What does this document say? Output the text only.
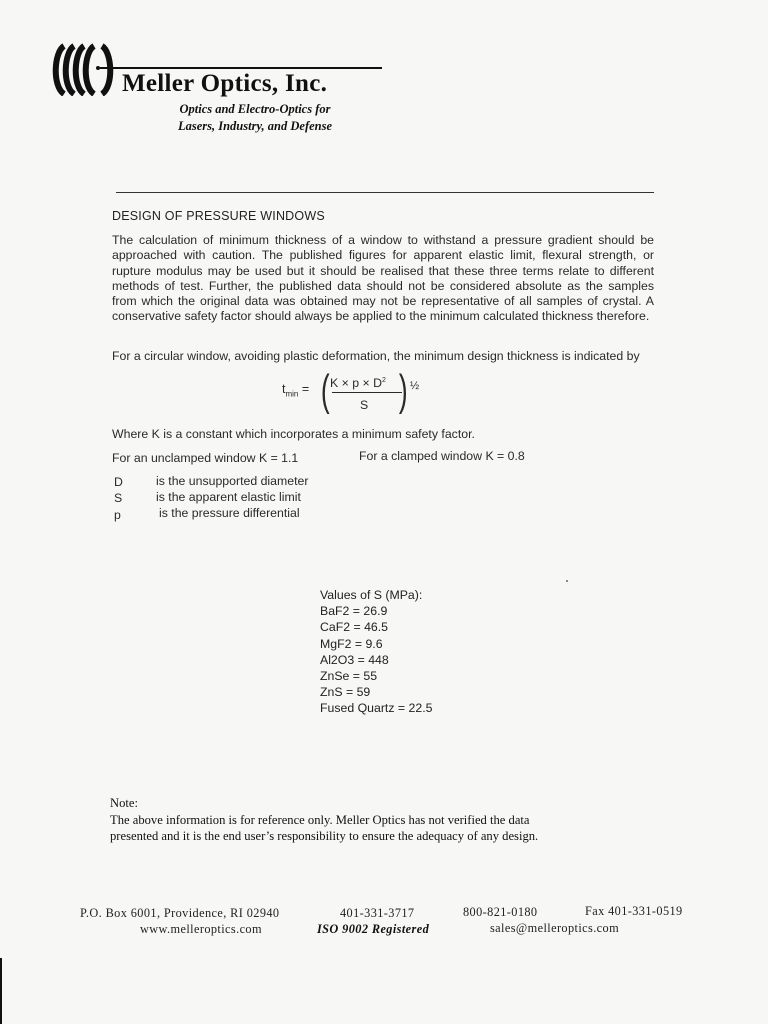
Meller Optics, Inc.
Optics and Electro-Optics for
Lasers, Industry, and Defense
DESIGN OF PRESSURE WINDOWS
The calculation of minimum thickness of a window to withstand a pressure gradient should be approached with caution. The published figures for apparent elastic limit, flexural strength, or rupture modulus may be used but it should be realised that these three terms relate to different methods of test. Further, the published data should not be considered absolute as the samples from which the original data was obtained may not be representative of all samples of crystal. A conservative safety factor should always be applied to the minimum calculated thickness therefore.
For a circular window, avoiding plastic deformation, the minimum design thickness is indicated by
$t_{min}$ = ( $K \times p \times D^2$
S ) ½
Where K is a constant which incorporates a minimum safety factor.
For an unclamped window K = 1.1	For a clamped window K = 0.8
D	is the unsupported diameter
S	is the apparent elastic limit
p	is the pressure differential
Values of S (MPa):
BaF2 = 26.9
CaF2 = 46.5
MgF2 = 9.6
Al2O3 = 448
ZnSe = 55
ZnS = 59
Fused Quartz = 22.5
Note:
The above information is for reference only. Meller Optics has not verified the data
presented and it is the end user’s responsibility to ensure the adequacy of any design.
P.O. Box 6001, Providence, RI 02940
www.melleroptics.com
401-331-3717
ISO 9002 Registered
800-821-0180
sales@melleroptics.com
Fax 401-331-0519
